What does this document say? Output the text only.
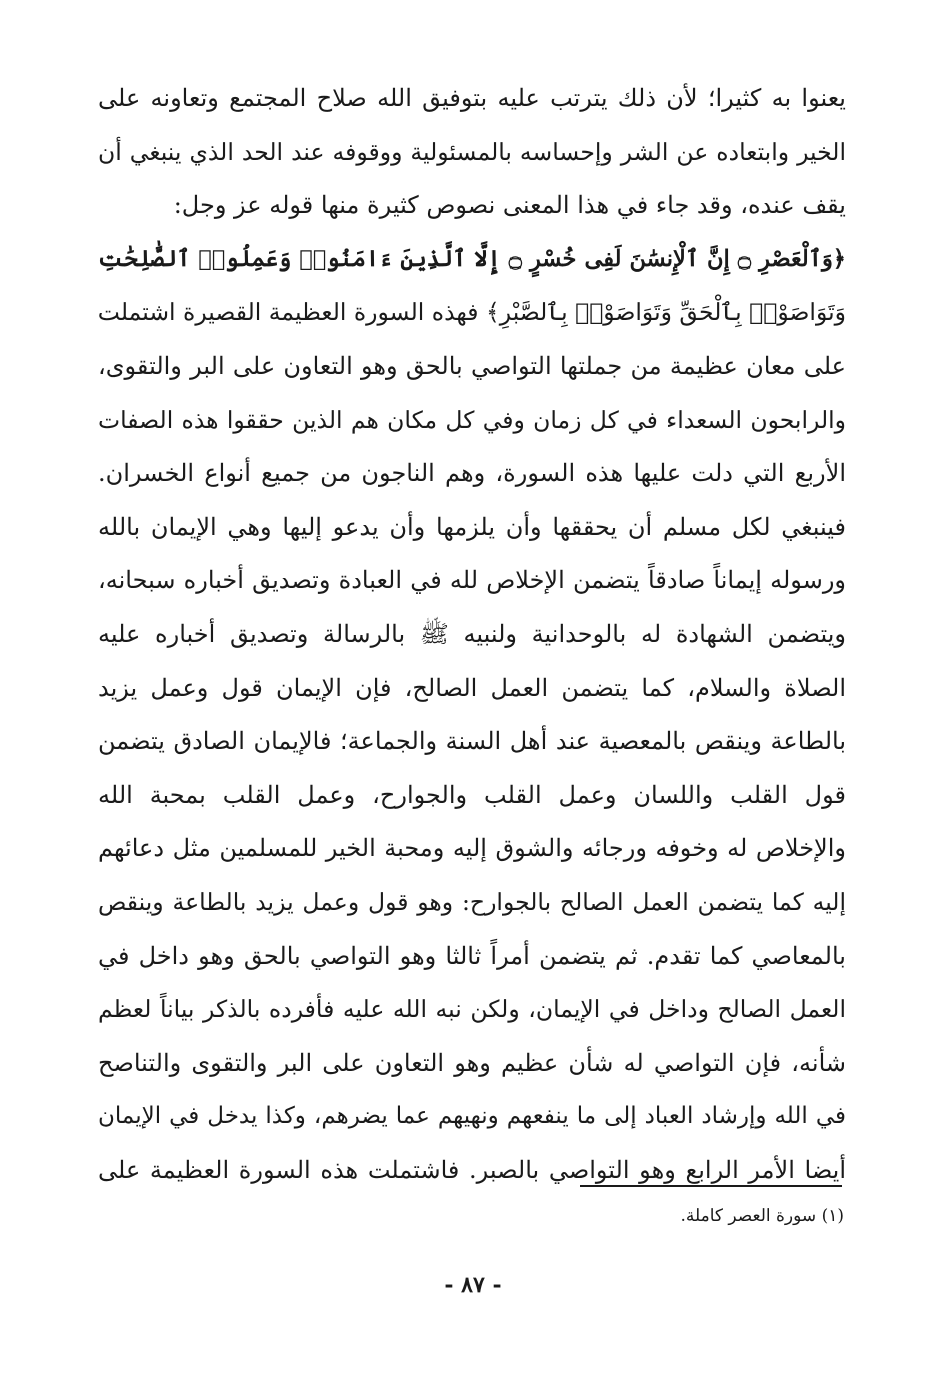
يعنوا به كثيرا؛ لأن ذلك يترتب عليه بتوفيق الله صلاح المجتمع وتعاونه على
الخير وابتعاده عن الشر وإحساسه بالمسئولية ووقوفه عند الحد الذي ينبغي أن
يقف عنده، وقد جاء في هذا المعنى نصوص كثيرة منها قوله عز وجل:
﴿وَٱلْعَصْرِ ۝ إِنَّ ٱلْإِنسَٰنَ لَفِى خُسْرٍ ۝ إِلَّا ٱلَّذِينَ ءَامَنُوا۟ وَعَمِلُوا۟ ٱلصَّٰلِحَٰتِ
وَتَوَاصَوْا۟ بِٱلْحَقِّ وَتَوَاصَوْا۟ بِٱلصَّبْرِ﴾ فهذه السورة العظيمة القصيرة اشتملت
على معان عظيمة من جملتها التواصي بالحق وهو التعاون على البر والتقوى،
والرابحون السعداء في كل زمان وفي كل مكان هم الذين حققوا هذه الصفات
الأربع التي دلت عليها هذه السورة، وهم الناجون من جميع أنواع الخسران.
فينبغي لكل مسلم أن يحققها وأن يلزمها وأن يدعو إليها وهي الإيمان بالله
ورسوله إيماناً صادقاً يتضمن الإخلاص لله في العبادة وتصديق أخباره سبحانه،
ويتضمن الشهادة له بالوحدانية ولنبيه ﷺ بالرسالة وتصديق أخباره عليه
الصلاة والسلام، كما يتضمن العمل الصالح، فإن الإيمان قول وعمل يزيد
بالطاعة وينقص بالمعصية عند أهل السنة والجماعة؛ فالإيمان الصادق يتضمن
قول القلب واللسان وعمل القلب والجوارح، وعمل القلب بمحبة الله
والإخلاص له وخوفه ورجائه والشوق إليه ومحبة الخير للمسلمين مثل دعائهم
إليه كما يتضمن العمل الصالح بالجوارح: وهو قول وعمل يزيد بالطاعة وينقص
بالمعاصي كما تقدم. ثم يتضمن أمراً ثالثا وهو التواصي بالحق وهو داخل في
العمل الصالح وداخل في الإيمان، ولكن نبه الله عليه فأفرده بالذكر بياناً لعظم
شأنه، فإن التواصي له شأن عظيم وهو التعاون على البر والتقوى والتناصح
في الله وإرشاد العباد إلى ما ينفعهم ونهيهم عما يضرهم، وكذا يدخل في الإيمان
أيضا الأمر الرابع وهو التواصي بالصبر. فاشتملت هذه السورة العظيمة على
(١) سورة العصر كاملة.
- ٨٧ -
